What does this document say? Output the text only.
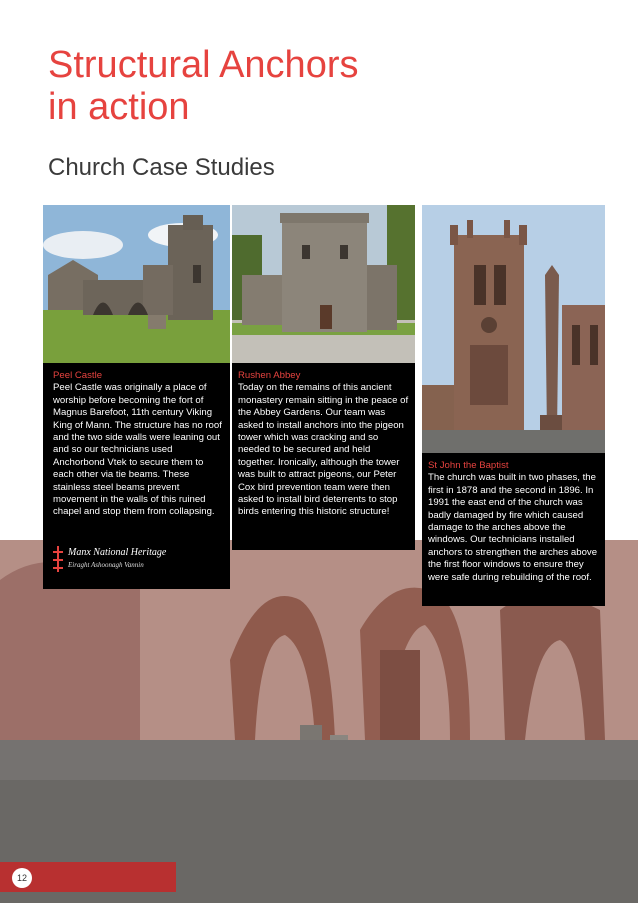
Structural Anchors
in action
Church Case Studies
Peel Castle

Peel Castle was originally a place of worship before becoming the fort of Magnus Barefoot, 11th century Viking King of Mann. The structure has no roof and the two side walls were leaning out and so our technicians used Anchorbond Vtek to secure them to each other via tie beams. These stainless steel beams prevent movement in the walls of this ruined chapel and stop them from collapsing.

Manx National Heritage
Eiraght Ashoonagh Vannin
Rushen Abbey

Today on the remains of this ancient monastery remain sitting in the peace of the Abbey Gardens. Our team was asked to install anchors into the pigeon tower which was cracking and so needed to be secured and held together. Ironically, although the tower was built to attract pigeons, our Peter Cox bird prevention team were then asked to install bird deterrents to stop birds entering this historic structure!

St John the Baptist

The church was built in two phases, the first in 1878 and the second in 1896. In 1991 the east end of the church was badly damaged by fire which caused damage to the arches above the windows. Our technicians installed anchors to strengthen the arches above the first floor windows to ensure they were safe during rebuilding of the roof.

12
